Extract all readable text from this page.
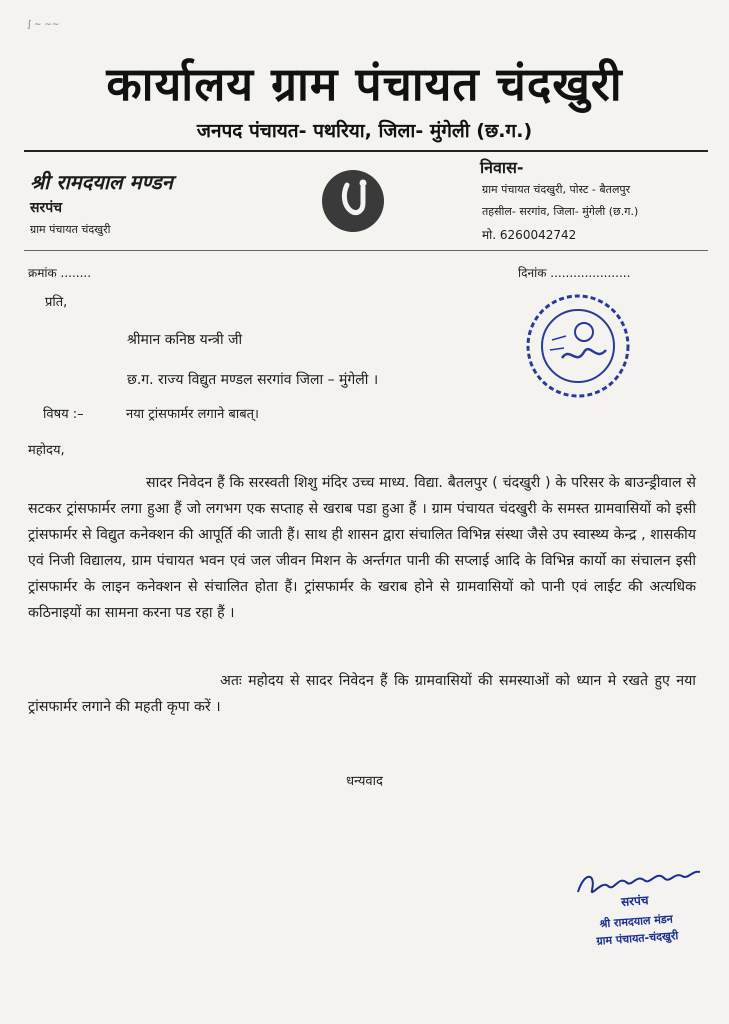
ʃ ~ ~~
कार्यालय ग्राम पंचायत चंदखुरी
जनपद पंचायत- पथरिया, जिला- मुंगेली (छ.ग.)
श्री रामदयाल मण्डन
सरपंच
ग्राम पंचायत चंदखुरी
निवास-
ग्राम पंचायत चंदखुरी, पोस्ट - बैतलपुर
तहसील- सरगांव, जिला- मुंगेली (छ.ग.)
मो. 6260042742
क्रमांक ........	दिनांक .....................
प्रति,
श्रीमान कनिष्ठ यन्त्री जी
छ.ग. राज्य विद्युत मण्डल सरगांव जिला – मुंगेली ।
विषय :–	नया ट्रांसफार्मर लगाने बाबत्।
महोदय,

सादर निवेदन हैं कि सरस्वती शिशु मंदिर उच्च माध्य. विद्या. बैतलपुर ( चंदखुरी ) के परिसर के बाउन्ड्रीवाल से सटकर ट्रांसफार्मर लगा हुआ हैं जो लगभग एक सप्ताह से खराब पडा हुआ हैं । ग्राम पंचायत चंदखुरी के समस्त ग्रामवासियों को इसी ट्रांसफार्मर से विद्युत कनेक्शन की आपूर्ति की जाती हैं। साथ ही शासन द्वारा संचालित विभिन्न संस्था जैसे उप स्वास्थ्य केन्द्र , शासकीय एवं निजी विद्यालय, ग्राम पंचायत भवन एवं जल जीवन मिशन के अर्न्तगत पानी की सप्लाई आदि के विभिन्न कार्यो का संचालन इसी ट्रांसफार्मर के लाइन कनेक्शन से संचालित होता हैं। ट्रांसफार्मर के खराब होने से ग्रामवासियों को पानी एवं लाईट की अत्यधिक कठिनाइयों का सामना करना पड रहा हैं ।

अतः महोदय से सादर निवेदन हैं कि ग्रामवासियों की समस्याओं को ध्यान मे रखते हुए नया ट्रांसफार्मर लगाने की महती कृपा करें ।

धन्यवाद
सरपंच
श्री रामदयाल मंडन
ग्राम पंचायत-चंदखुरी
